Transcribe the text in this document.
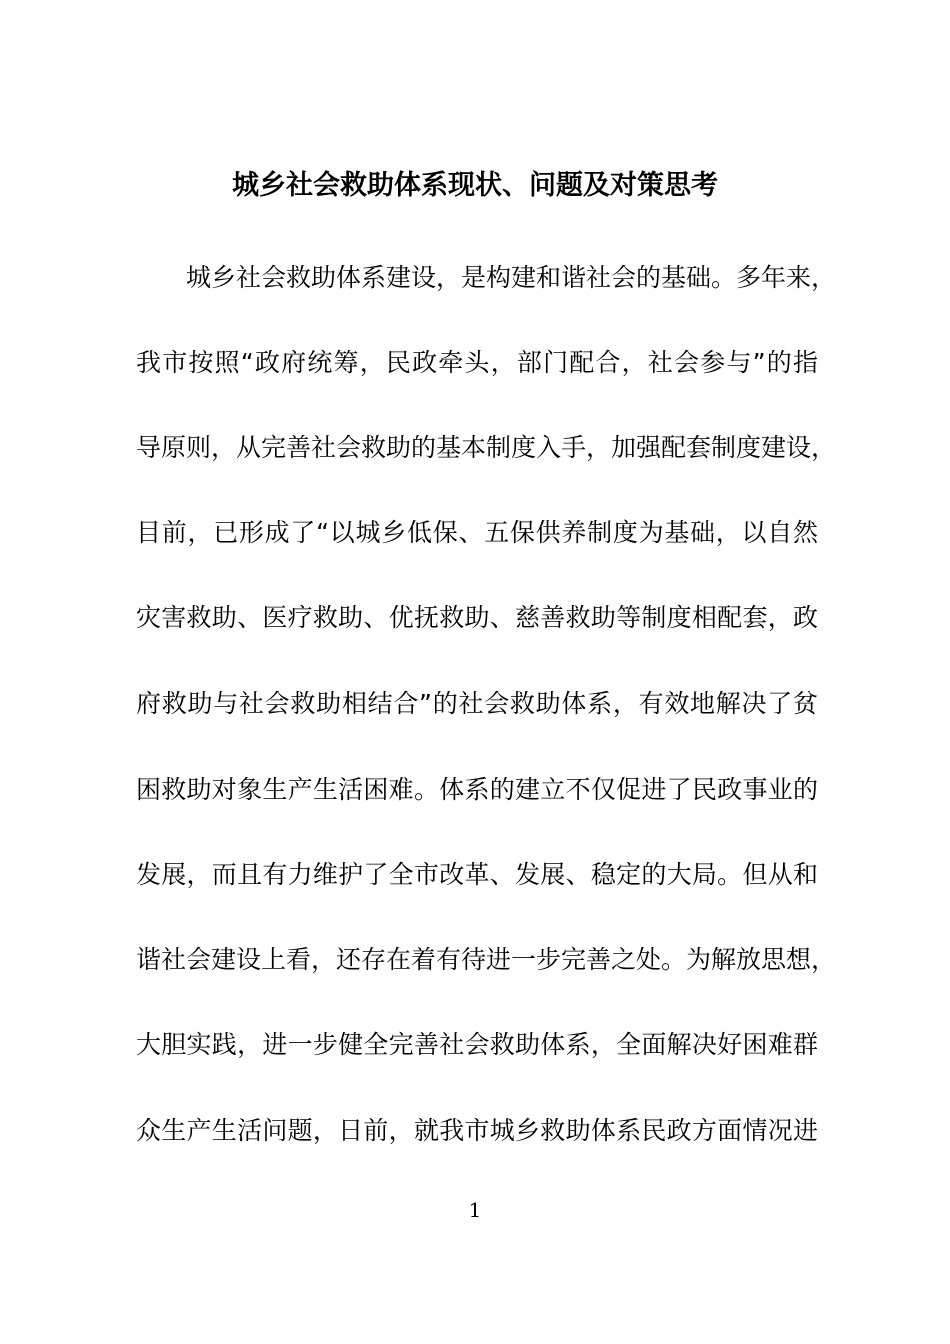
城乡社会救助体系现状、问题及对策思考
城乡社会救助体系建设，是构建和谐社会的基础。多年来，
我市按照“政府统筹，民政牵头，部门配合，社会参与”的指
导原则，从完善社会救助的基本制度入手，加强配套制度建设，
目前，已形成了“以城乡低保、五保供养制度为基础，以自然
灾害救助、医疗救助、优抚救助、慈善救助等制度相配套，政
府救助与社会救助相结合”的社会救助体系，有效地解决了贫
困救助对象生产生活困难。体系的建立不仅促进了民政事业的
发展，而且有力维护了全市改革、发展、稳定的大局。但从和
谐社会建设上看，还存在着有待进一步完善之处。为解放思想，
大胆实践，进一步健全完善社会救助体系，全面解决好困难群
众生产生活问题，日前，就我市城乡救助体系民政方面情况进
1
